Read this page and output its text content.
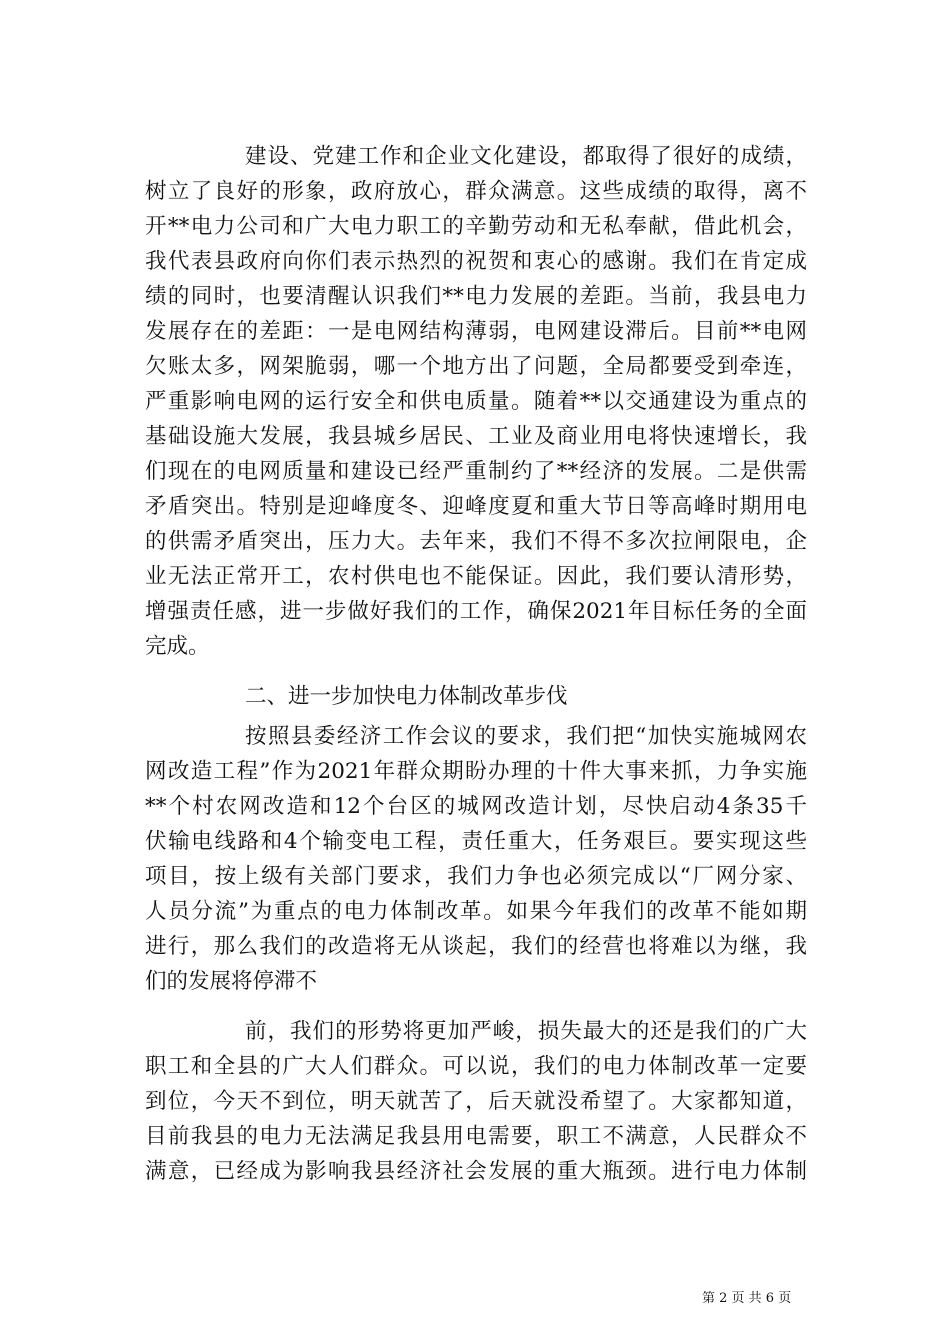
建设、党建工作和企业文化建设，都取得了很好的成绩，
树立了良好的形象，政府放心，群众满意。这些成绩的取得，离不
开**电力公司和广大电力职工的辛勤劳动和无私奉献，借此机会，
我代表县政府向你们表示热烈的祝贺和衷心的感谢。我们在肯定成
绩的同时，也要清醒认识我们**电力发展的差距。当前，我县电力
发展存在的差距：一是电网结构薄弱，电网建设滞后。目前**电网
欠账太多，网架脆弱，哪一个地方出了问题，全局都要受到牵连，
严重影响电网的运行安全和供电质量。随着**以交通建设为重点的
基础设施大发展，我县城乡居民、工业及商业用电将快速增长，我
们现在的电网质量和建设已经严重制约了**经济的发展。二是供需
矛盾突出。特别是迎峰度冬、迎峰度夏和重大节日等高峰时期用电
的供需矛盾突出，压力大。去年来，我们不得不多次拉闸限电，企
业无法正常开工，农村供电也不能保证。因此，我们要认清形势，
增强责任感，进一步做好我们的工作，确保2021年目标任务的全面
完成。
二、进一步加快电力体制改革步伐
按照县委经济工作会议的要求，我们把“加快实施城网农
网改造工程”作为2021年群众期盼办理的十件大事来抓，力争实施
**个村农网改造和12个台区的城网改造计划，尽快启动4条35千
伏输电线路和4个输变电工程，责任重大，任务艰巨。要实现这些
项目，按上级有关部门要求，我们力争也必须完成以“厂网分家、
人员分流”为重点的电力体制改革。如果今年我们的改革不能如期
进行，那么我们的改造将无从谈起，我们的经营也将难以为继，我
们的发展将停滞不
前，我们的形势将更加严峻，损失最大的还是我们的广大
职工和全县的广大人们群众。可以说，我们的电力体制改革一定要
到位，今天不到位，明天就苦了，后天就没希望了。大家都知道，
目前我县的电力无法满足我县用电需要，职工不满意，人民群众不
满意，已经成为影响我县经济社会发展的重大瓶颈。进行电力体制
第 2 页 共 6 页
